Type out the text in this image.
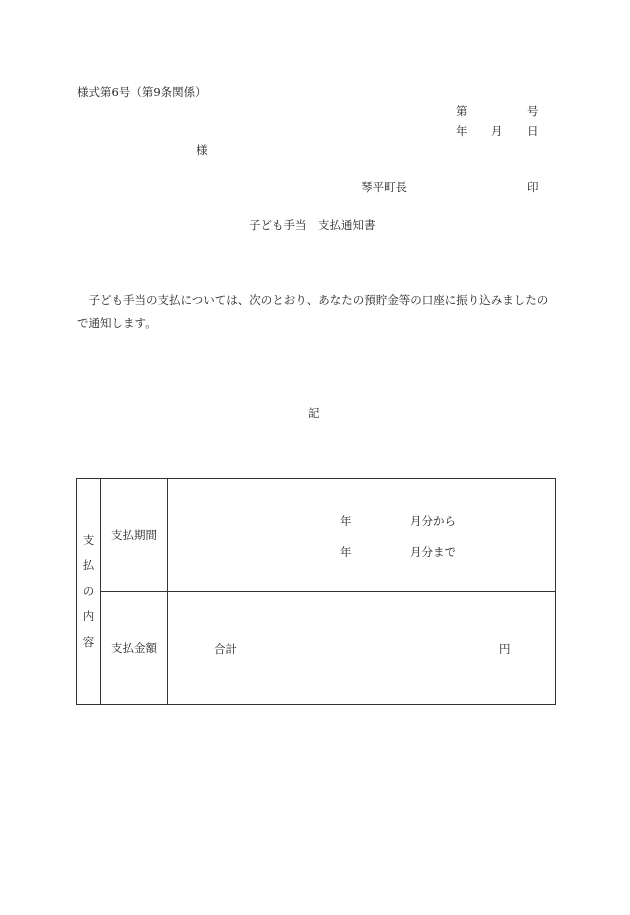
様式第6号（第9条関係）
第	号
年 月 日
様
琴平町長	印
子ども手当　支払通知書
　子ども手当の支払については、次のとおり、あなたの預貯金等の口座に振り込みましたので通知します。
記
支
払
の
内
容	支払期間	年 月分から
年 月分まで

	支払金額	合計 円
